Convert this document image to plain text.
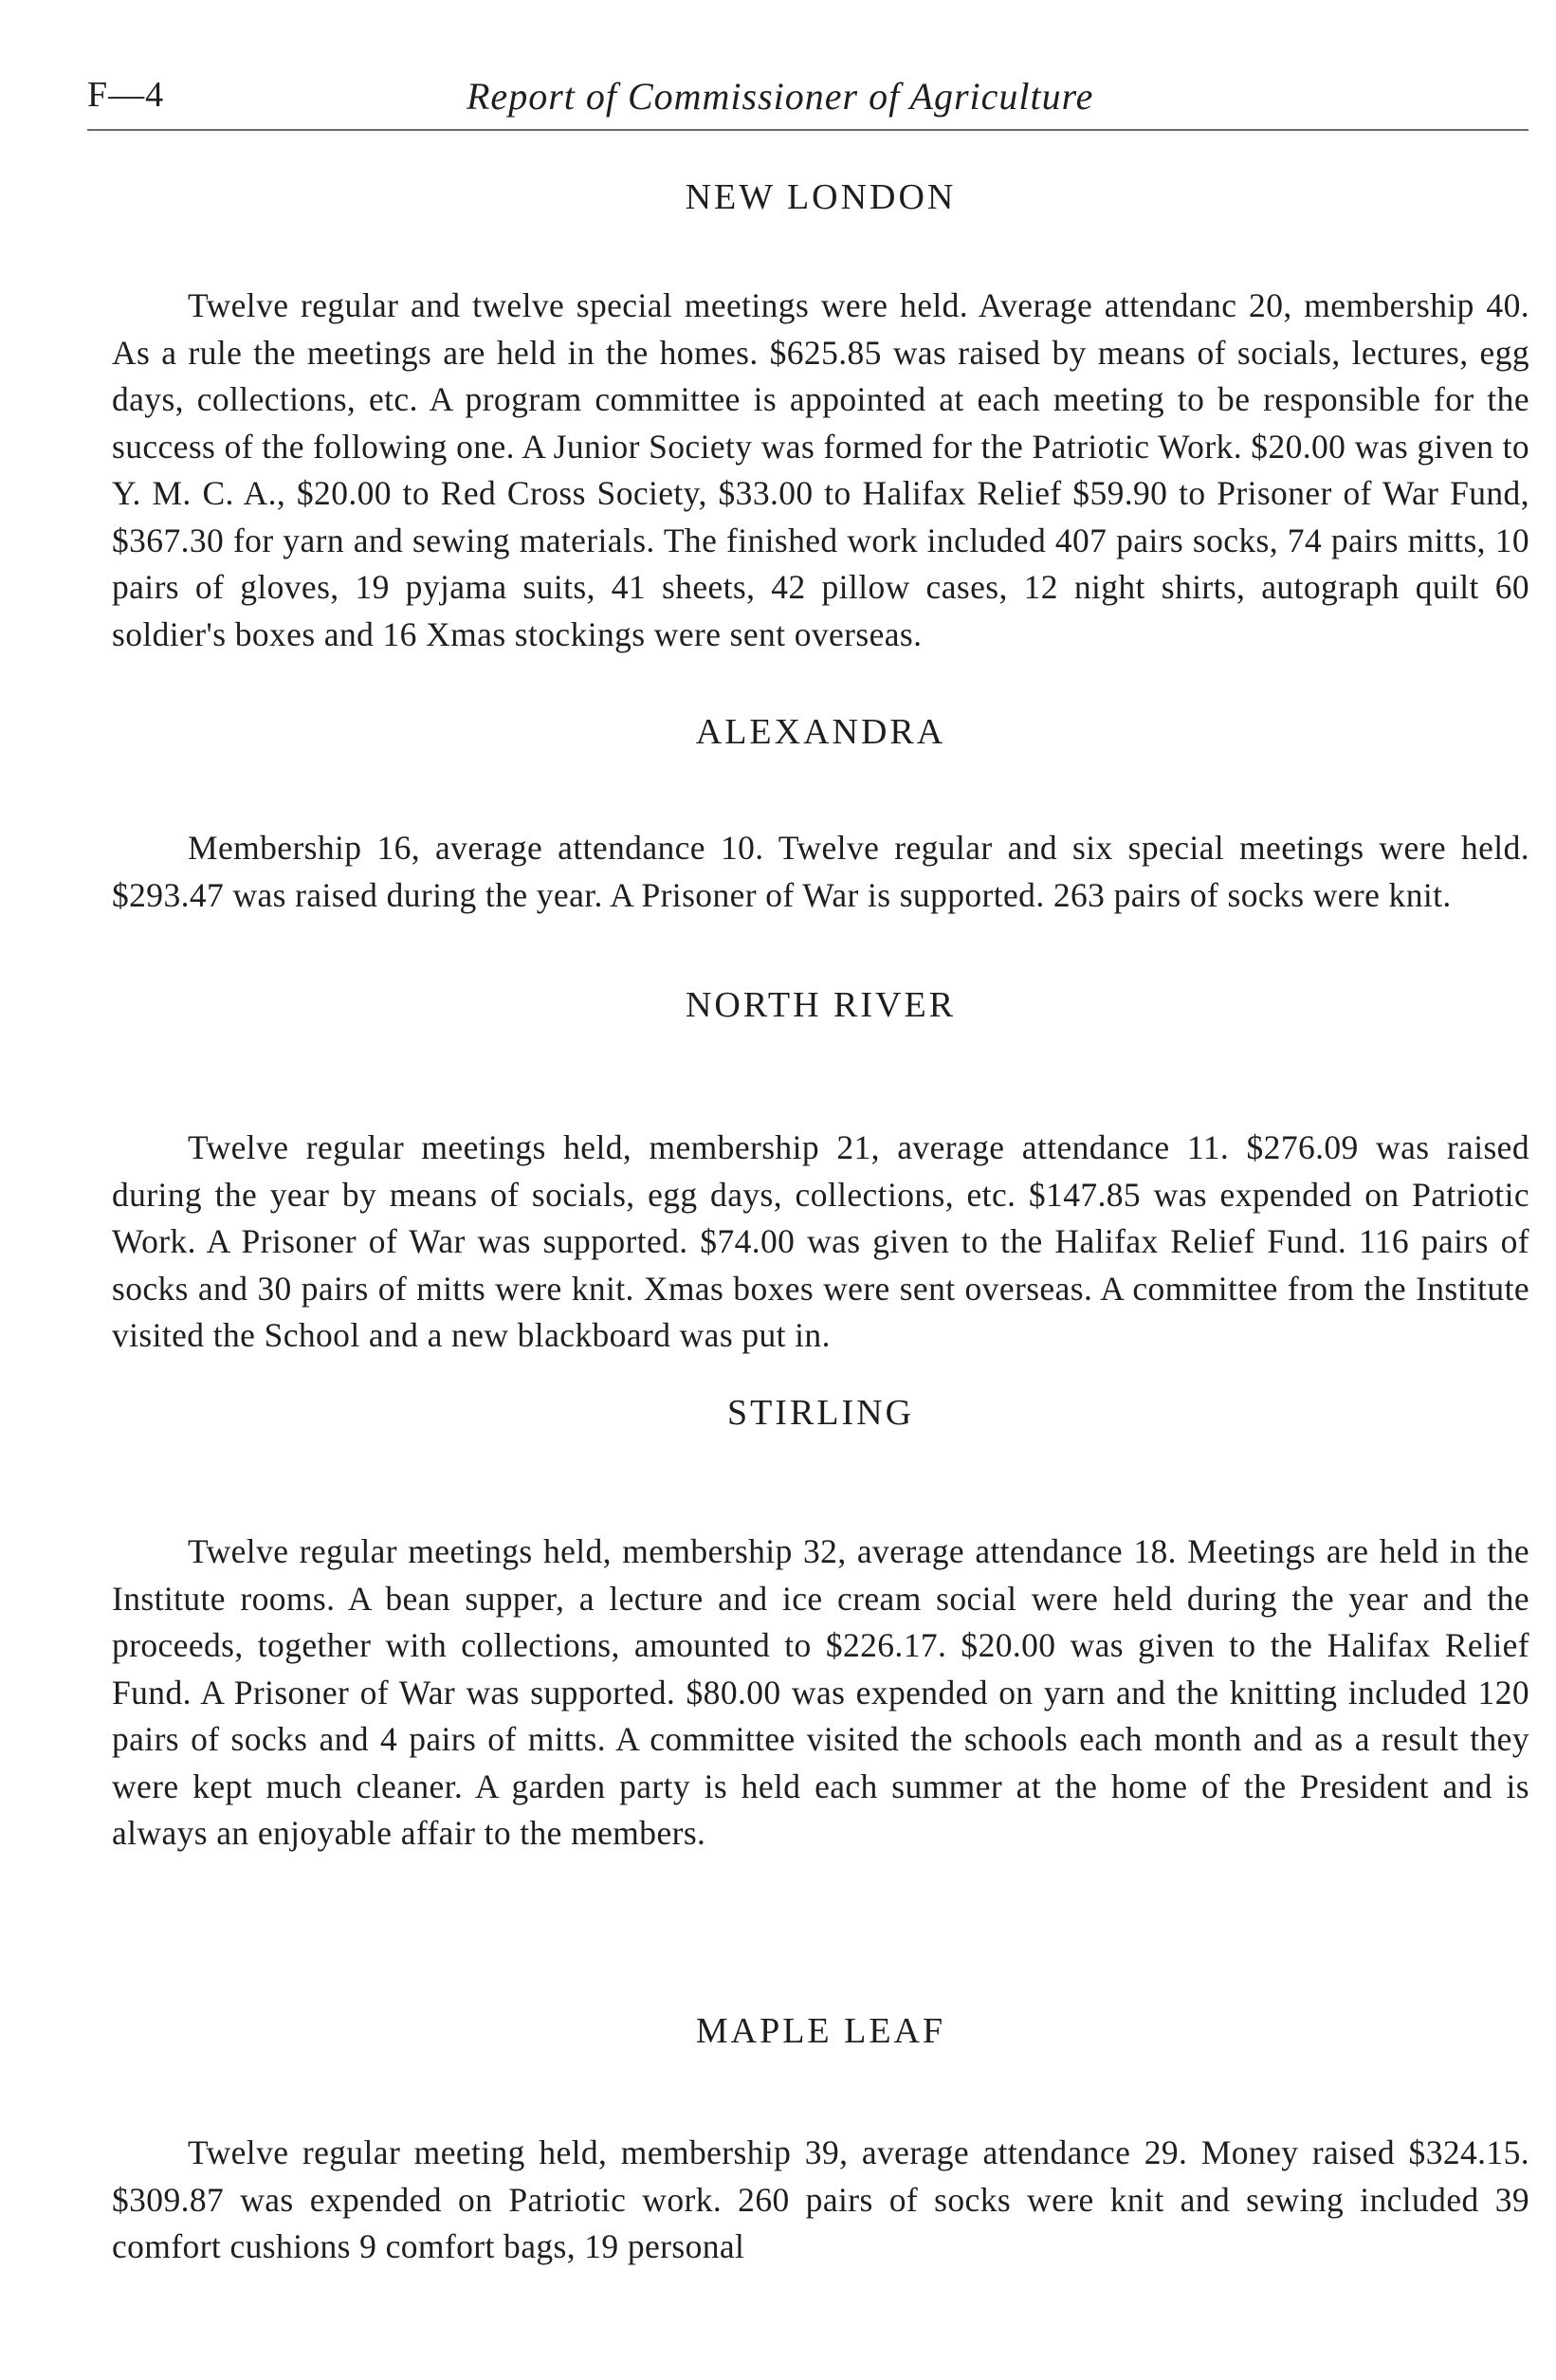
F—4	Report of Commissioner of Agriculture
NEW LONDON

Twelve regular and twelve special meetings were held. Average attendanc 20, membership 40. As a rule the meetings are held in the homes. $625.85 was raised by means of socials, lectures, egg days, collections, etc. A program committee is appointed at each meeting to be responsible for the success of the following one. A Junior Society was formed for the Patriotic Work. $20.00 was given to Y. M. C. A., $20.00 to Red Cross Society, $33.00 to Halifax Relief $59.90 to Prisoner of War Fund, $367.30 for yarn and sewing materials. The finished work included 407 pairs socks, 74 pairs mitts, 10 pairs of gloves, 19 pyjama suits, 41 sheets, 42 pillow cases, 12 night shirts, autograph quilt 60 soldier's boxes and 16 Xmas stockings were sent overseas.

ALEXANDRA

Membership 16, average attendance 10. Twelve regular and six special meetings were held. $293.47 was raised during the year. A Prisoner of War is supported. 263 pairs of socks were knit.

NORTH RIVER

Twelve regular meetings held, membership 21, average attendance 11. $276.09 was raised during the year by means of socials, egg days, collections, etc. $147.85 was expended on Patriotic Work. A Prisoner of War was supported. $74.00 was given to the Halifax Relief Fund. 116 pairs of socks and 30 pairs of mitts were knit. Xmas boxes were sent overseas. A committee from the Institute visited the School and a new blackboard was put in.

STIRLING

Twelve regular meetings held, membership 32, average attendance 18. Meetings are held in the Institute rooms. A bean supper, a lecture and ice cream social were held during the year and the proceeds, together with collections, amounted to $226.17. $20.00 was given to the Halifax Relief Fund. A Prisoner of War was supported. $80.00 was expended on yarn and the knitting included 120 pairs of socks and 4 pairs of mitts. A committee visited the schools each month and as a result they were kept much cleaner. A garden party is held each summer at the home of the President and is always an enjoyable affair to the members.

MAPLE LEAF

Twelve regular meeting held, membership 39, average attendance 29. Money raised $324.15. $309.87 was expended on Patriotic work. 260 pairs of socks were knit and sewing included 39 comfort cushions 9 comfort bags, 19 personal
